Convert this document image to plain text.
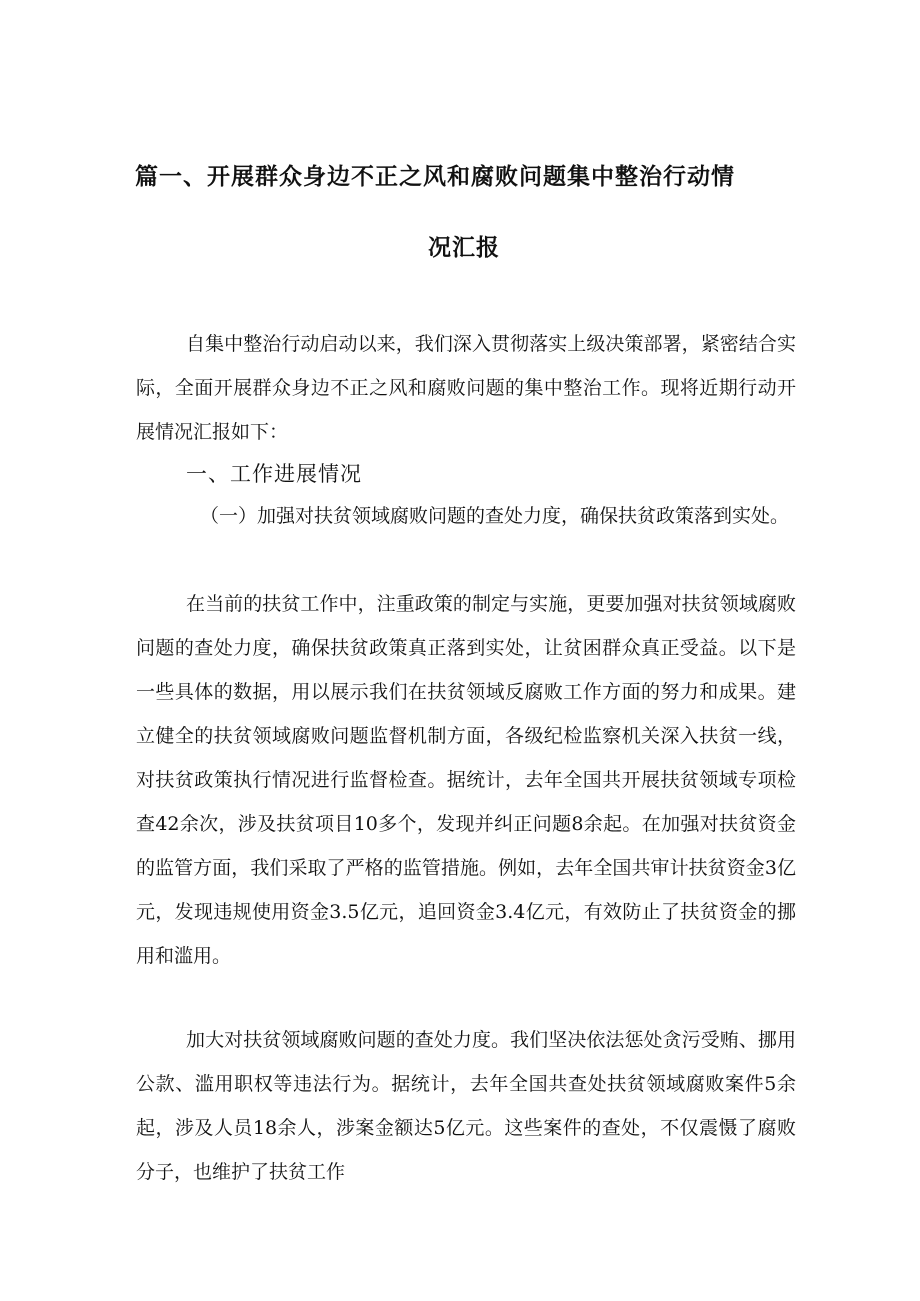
篇一、开展群众身边不正之风和腐败问题集中整治行动情
况汇报

自集中整治行动启动以来，我们深入贯彻落实上级决策部署，紧密结合实际，全面开展群众身边不正之风和腐败问题的集中整治工作。现将近期行动开展情况汇报如下：

一、工作进展情况

（一）加强对扶贫领域腐败问题的查处力度，确保扶贫政策落到实处。

在当前的扶贫工作中，注重政策的制定与实施，更要加强对扶贫领域腐败问题的查处力度，确保扶贫政策真正落到实处，让贫困群众真正受益。以下是一些具体的数据，用以展示我们在扶贫领域反腐败工作方面的努力和成果。建立健全的扶贫领域腐败问题监督机制方面，各级纪检监察机关深入扶贫一线，对扶贫政策执行情况进行监督检查。据统计，去年全国共开展扶贫领域专项检查42余次，涉及扶贫项目10多个，发现并纠正问题8余起。在加强对扶贫资金的监管方面，我们采取了严格的监管措施。例如，去年全国共审计扶贫资金3亿元，发现违规使用资金3.5亿元，追回资金3.4亿元，有效防止了扶贫资金的挪用和滥用。

加大对扶贫领域腐败问题的查处力度。我们坚决依法惩处贪污受贿、挪用公款、滥用职权等违法行为。据统计，去年全国共查处扶贫领域腐败案件5余起，涉及人员18余人，涉案金额达5亿元。这些案件的查处，不仅震慑了腐败分子，也维护了扶贫工作
